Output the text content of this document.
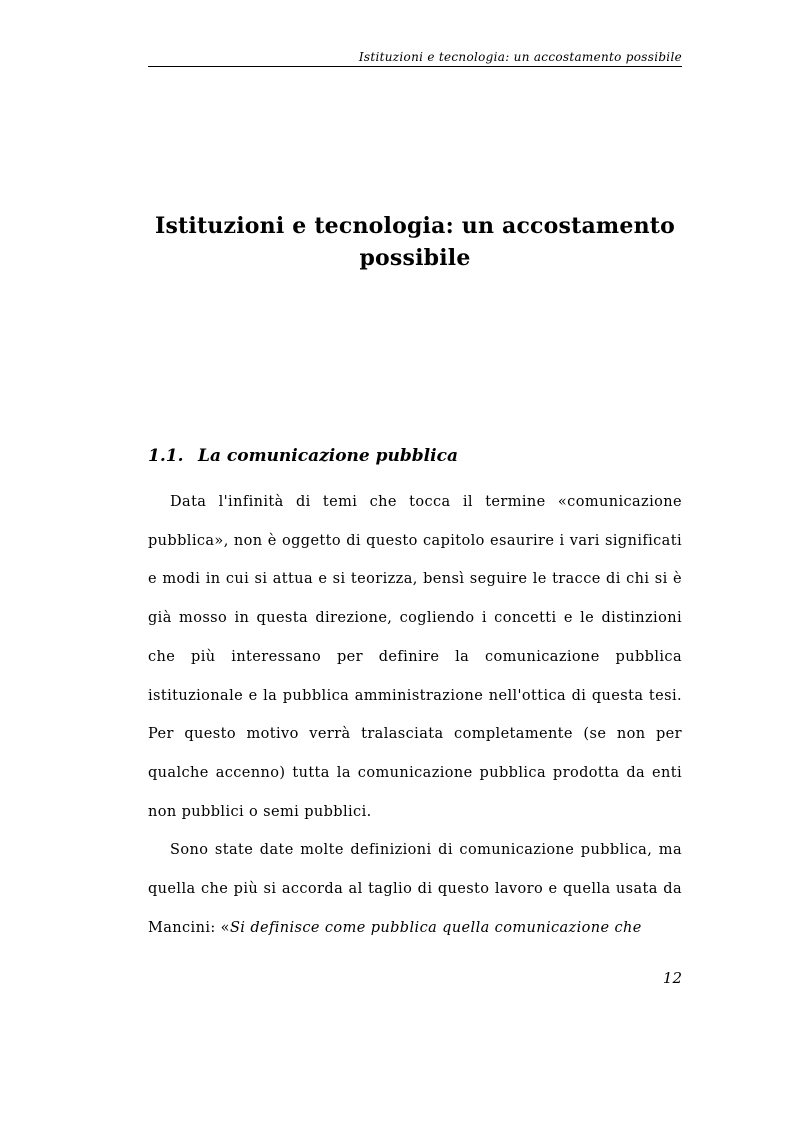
Istituzioni e tecnologia: un accostamento possibile
Istituzioni e tecnologia: un accostamento
possibile
1.1. La comunicazione pubblica

Data l'infinità di temi che tocca il termine «comunicazione pubblica», non è oggetto di questo capitolo esaurire i vari significati e modi in cui si attua e si teorizza, bensì seguire le tracce di chi si è già mosso in questa direzione, cogliendo i concetti e le distinzioni che più interessano per definire la comunicazione pubblica istituzionale e la pubblica amministrazione nell'ottica di questa tesi. Per questo motivo verrà tralasciata completamente (se non per qualche accenno) tutta la comunicazione pubblica prodotta da enti non pubblici o semi pubblici.

Sono state date molte definizioni di comunicazione pubblica, ma quella che più si accorda al taglio di questo lavoro e quella usata da Mancini: «Si definisce come pubblica quella comunicazione che

12
